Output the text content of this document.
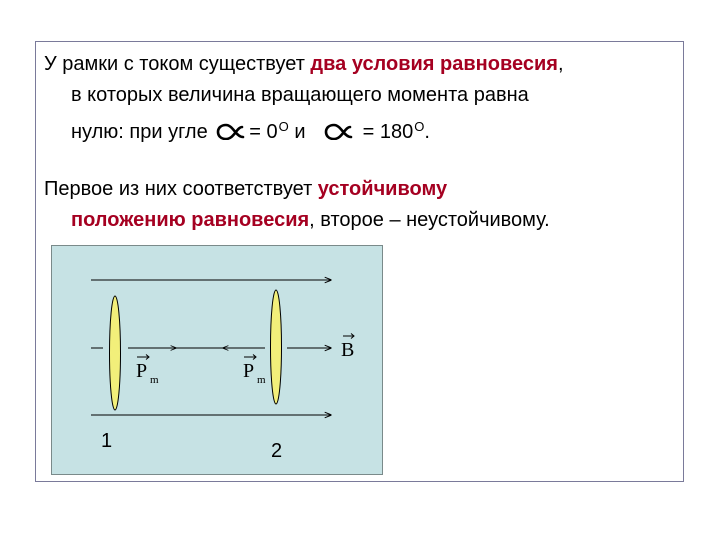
У рамки с током существует два условия равновесия,
в которых величина вращающего момента равна
нулю: при угле = $0^O$ и	= $180^O$.

Первое из них соответствует устойчивому
положению равновесия, второе – неустойчивому.

P m	P m
B
1	2
